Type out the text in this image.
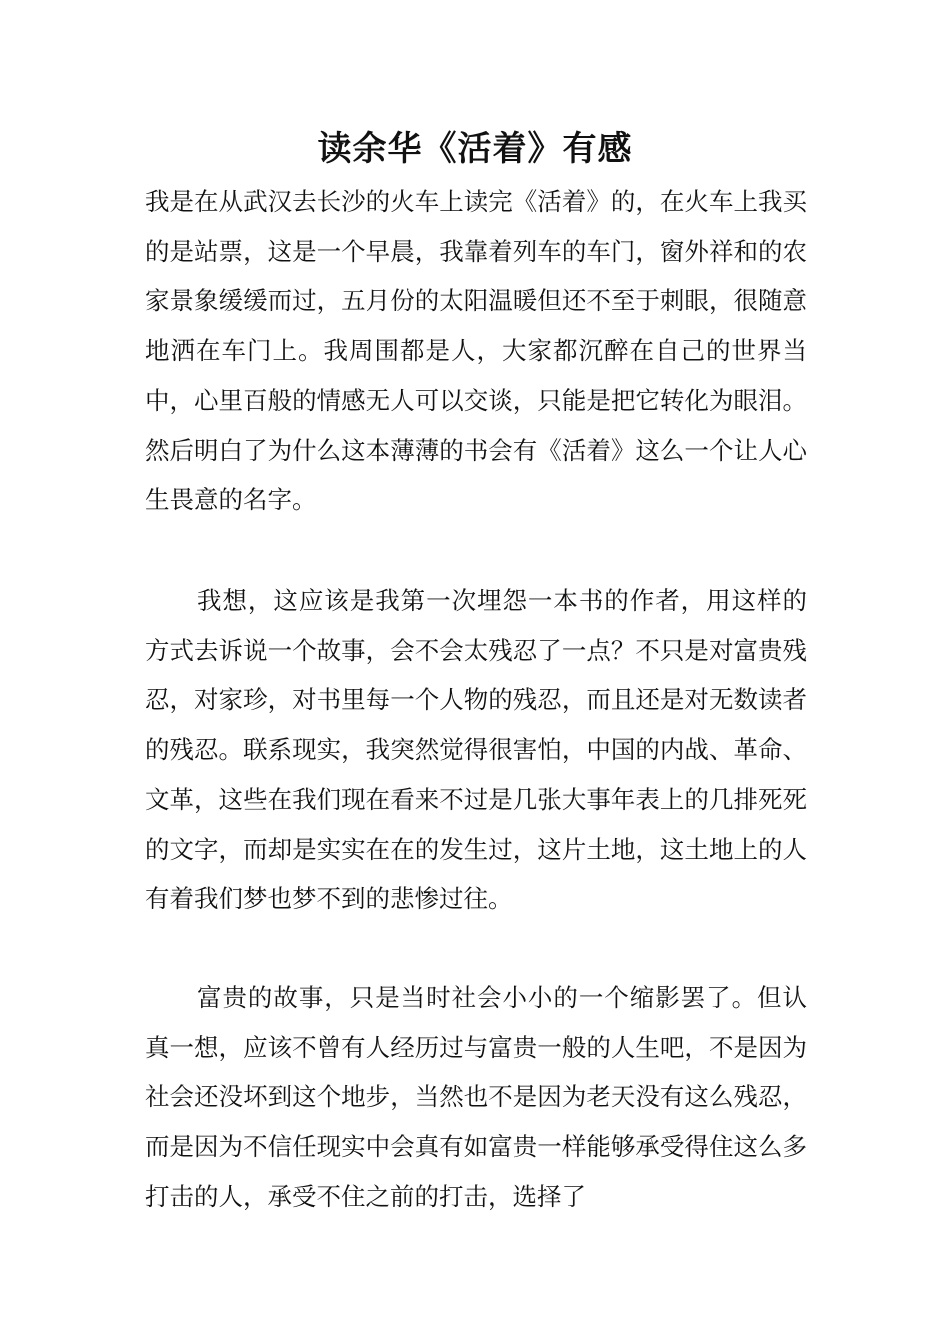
读余华《活着》有感

我是在从武汉去长沙的火车上读完《活着》的，在火车上我买的是站票，这是一个早晨，我靠着列车的车门，窗外祥和的农家景象缓缓而过，五月份的太阳温暖但还不至于刺眼，很随意地洒在车门上。我周围都是人，大家都沉醉在自己的世界当中，心里百般的情感无人可以交谈，只能是把它转化为眼泪。然后明白了为什么这本薄薄的书会有《活着》这么一个让人心生畏意的名字。

我想，这应该是我第一次埋怨一本书的作者，用这样的方式去诉说一个故事，会不会太残忍了一点？不只是对富贵残忍，对家珍，对书里每一个人物的残忍，而且还是对无数读者的残忍。联系现实，我突然觉得很害怕，中国的内战、革命、文革，这些在我们现在看来不过是几张大事年表上的几排死死的文字，而却是实实在在的发生过，这片土地，这土地上的人有着我们梦也梦不到的悲惨过往。

富贵的故事，只是当时社会小小的一个缩影罢了。但认真一想，应该不曾有人经历过与富贵一般的人生吧，不是因为社会还没坏到这个地步，当然也不是因为老天没有这么残忍，而是因为不信任现实中会真有如富贵一样能够承受得住这么多打击的人，承受不住之前的打击，选择了
